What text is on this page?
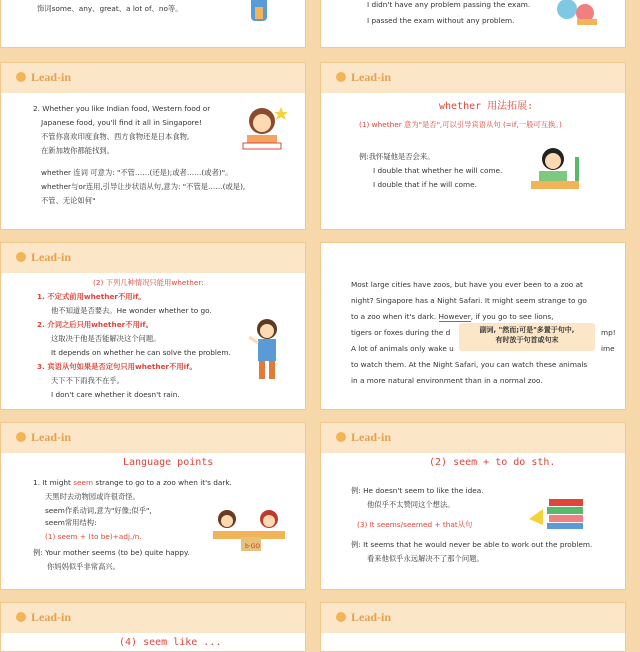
饰词some、any、great、a lot of、no等。	I didn't have any problem passing the exam.
I passed the exam without any problem.
Lead-in
2. Whether you like Indian food, Western food or
Japanese food, you'll find it all in Singapore!
不管你喜欢印度食物、西方食物还是日本食物,
在新加坡你都能找到。
whether 连词 可意为: "不管……(还是);或者……(或者)"。
whether与or连用,引导让步状语从句,意为: "不管是……(或是),
不管、无论如何"
Lead-in
whether 用法拓展:
(1) whether 意为"是否",可以引导宾语从句 (=if,一般可互换。)
例:我怀疑他是否会来。
I double that whether he will come.
I double that if he will come.
Lead-in
(2) 下列几种情况只能用whether:
1. 不定式前用whether不用if。
他不知道是否要去。He wonder whether to go.
2. 介词之后只用whether不用if。
这取决于他是否能解决这个问题。
It depends on whether he can solve the problem.
3. 宾语从句如果是否定句只用whether不用if。
天下不下雨我不在乎。
I don't care whether it doesn't rain.
Most large cities have zoos, but have you ever been to a zoo at
night? Singapore has a Night Safari. It might seem strange to go
to a zoo when it's dark. However, if you go to see lions,
tigers or foxes during the d	mp!
A lot of animals only wake u	ime
to watch them. At the Night Safari, you can watch these animals
in a more natural environment than in a normal zoo.
副词, "然而;可是"多置于句中,
有时放于句首或句末
Lead-in
Language points
1. It might seem strange to go to a zoo when it's dark.
天黑时去动物园或许很奇怪。
seem作系动词,意为"好像;似乎",
seem常用结构:
(1) seem + (to be)+adj./n.
例: Your mother seems (to be) quite happy.
你妈妈似乎非常高兴。
b·GO
Lead-in
(2) seem + to do sth.
例: He doesn't seem to like the idea.
他似乎不太赞同这个想法。
(3) It seems/seemed + that从句
例: It seems that he would never be able to work out the problem.
看来他似乎永远解决不了那个问题。
Lead-in
(4) seem like ...
Lead-in
